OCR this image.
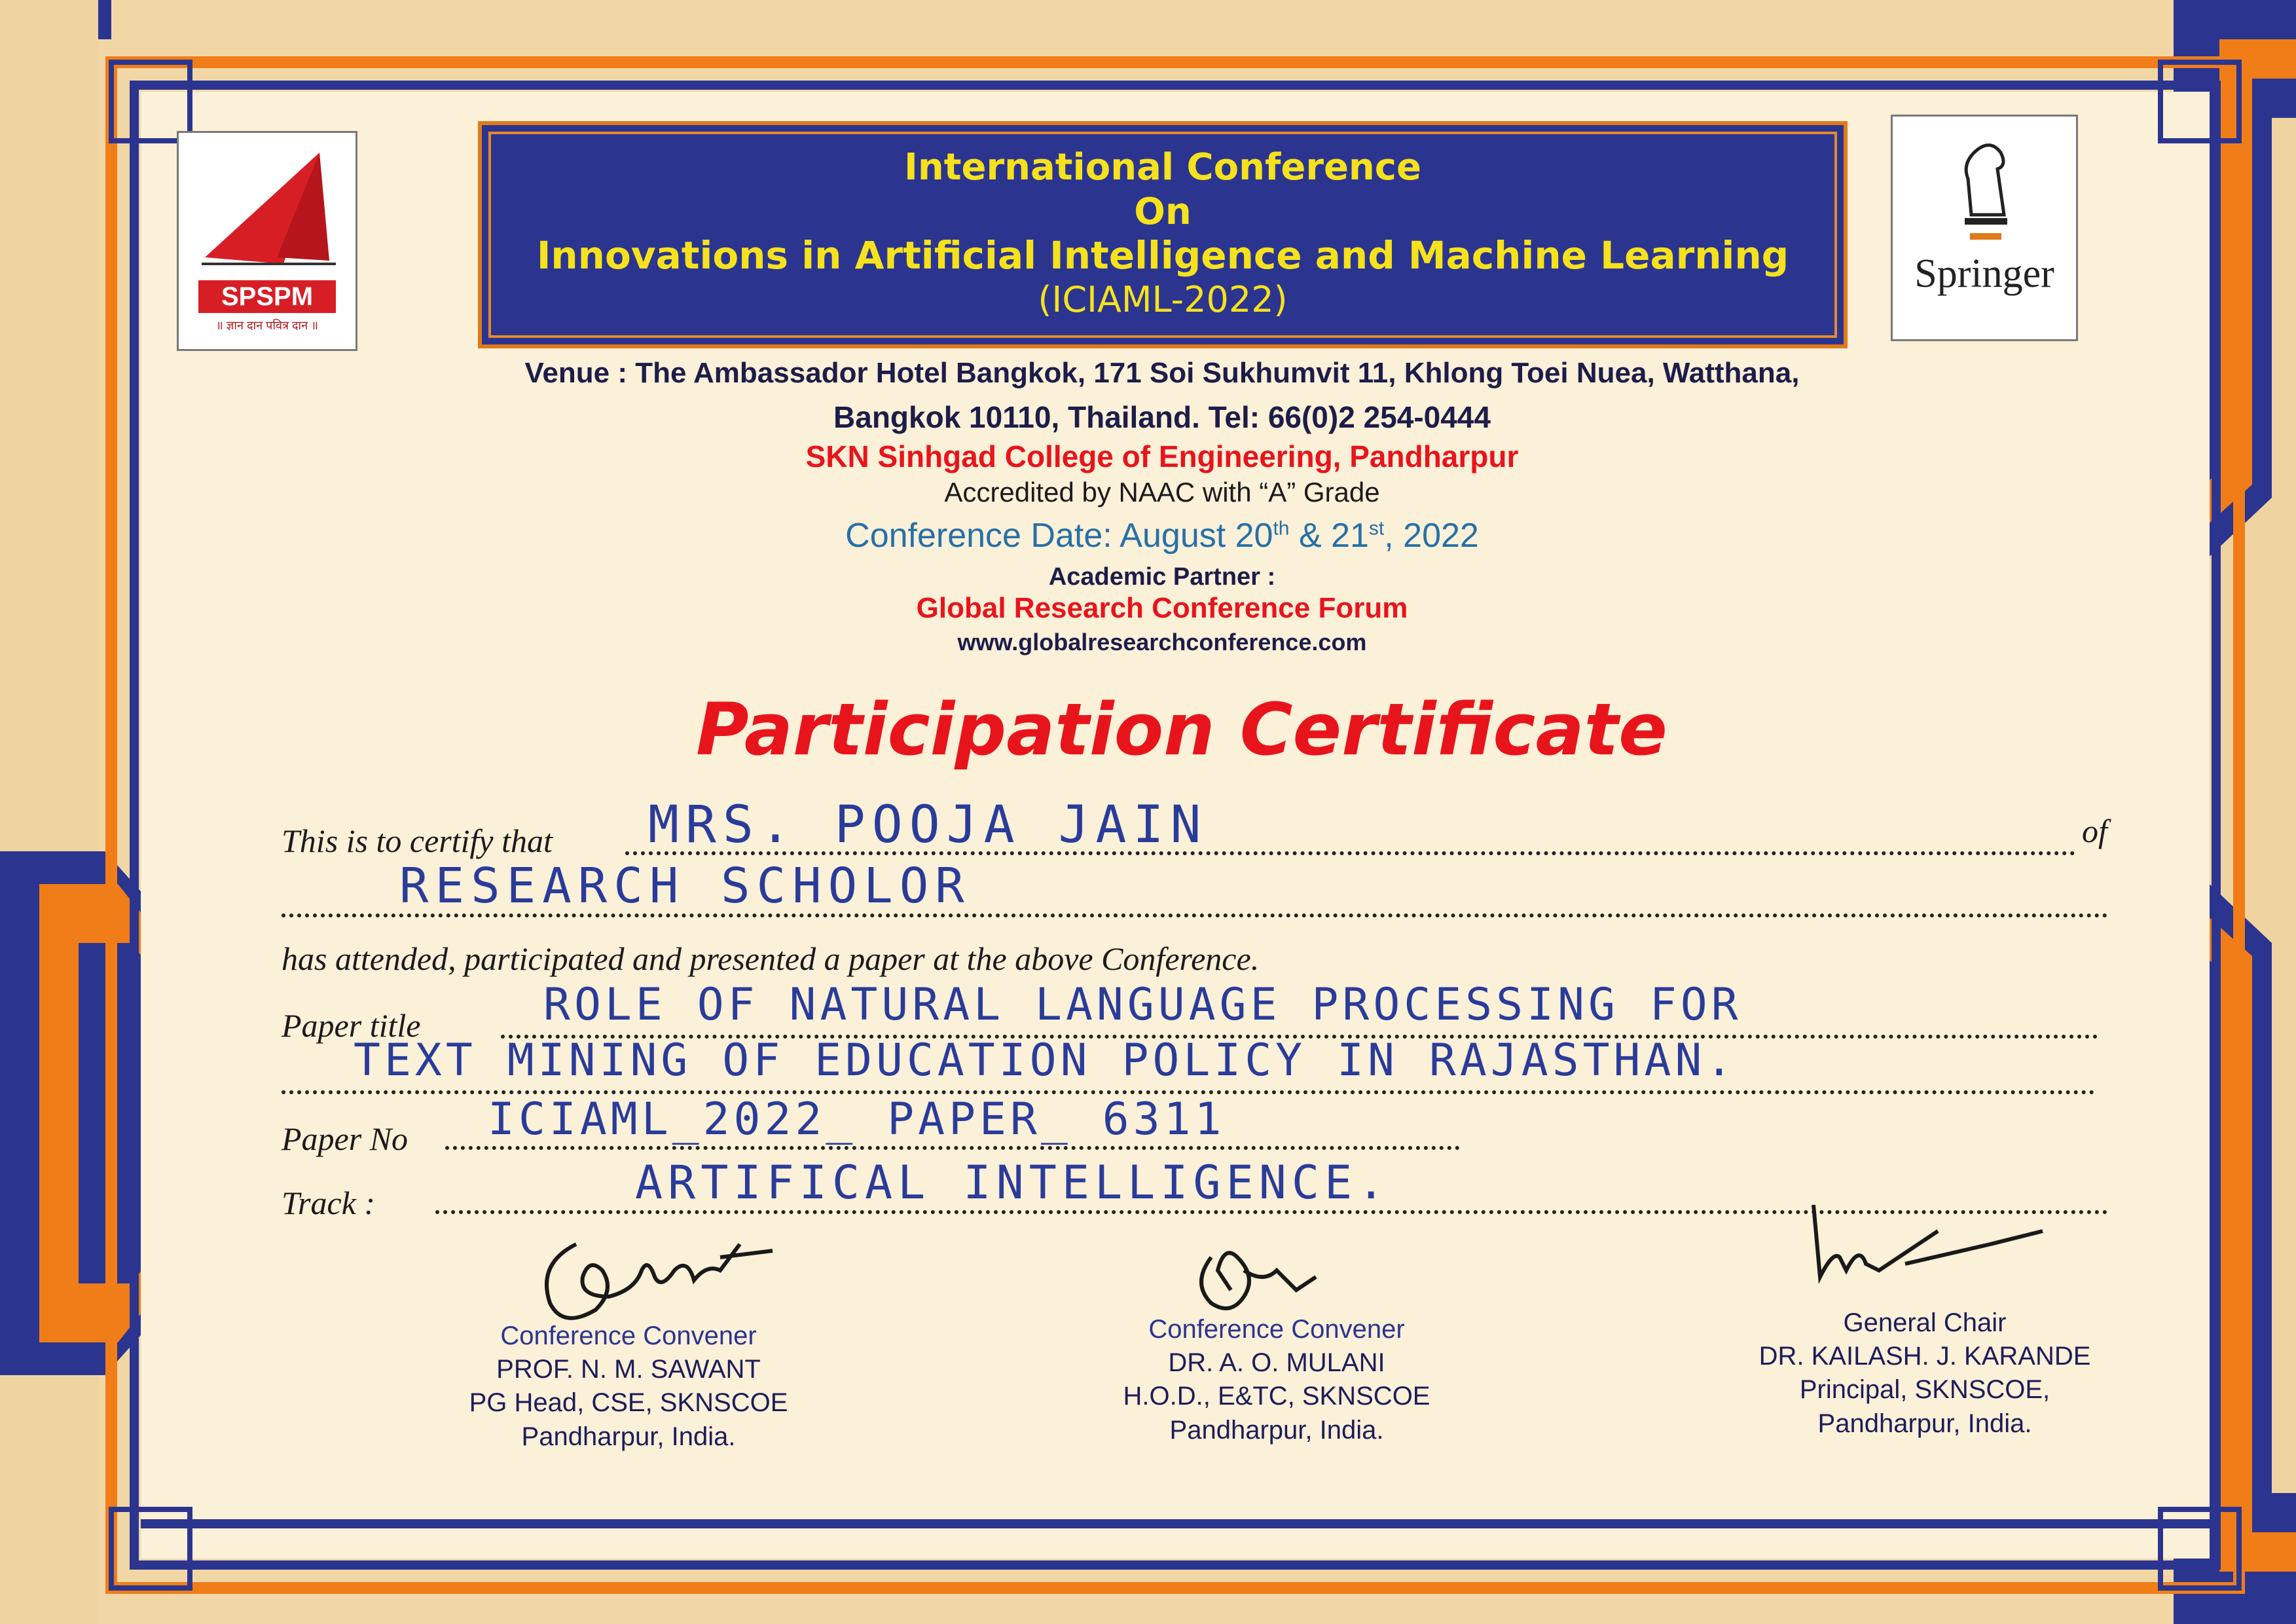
SPSPM
॥ ज्ञान दान पवित्र दान ॥
International Conference
On
Innovations in Artificial Intelligence and Machine Learning
(ICIAML-2022)
Springer
Venue : The Ambassador Hotel Bangkok, 171 Soi Sukhumvit 11, Khlong Toei Nuea, Watthana,
Bangkok 10110, Thailand. Tel: 66(0)2 254-0444
SKN Sinhgad College of Engineering, Pandharpur
Accredited by NAAC with “A” Grade
Conference Date: August 20th & 21st, 2022
Academic Partner :
Global Research Conference Forum
www.globalresearchconference.com
Participation Certificate
This is to certify that MRS. POOJA JAIN	of
RESEARCH SCHOLOR
has attended, participated and presented a paper at the above Conference.
Paper title	ROLE OF NATURAL LANGUAGE PROCESSING FOR
TEXT MINING OF EDUCATION POLICY IN RAJASTHAN.
Paper No ICIAML_2022_ PAPER_ 6311
Track :	ARTIFICAL INTELLIGENCE.
Conference Convener
PROF. N. M. SAWANT
PG Head, CSE, SKNSCOE
Pandharpur, India.
Conference Convener
DR. A. O. MULANI
H.O.D., E&TC, SKNSCOE
Pandharpur, India.
General Chair
DR. KAILASH. J. KARANDE
Principal, SKNSCOE,
Pandharpur, India.
